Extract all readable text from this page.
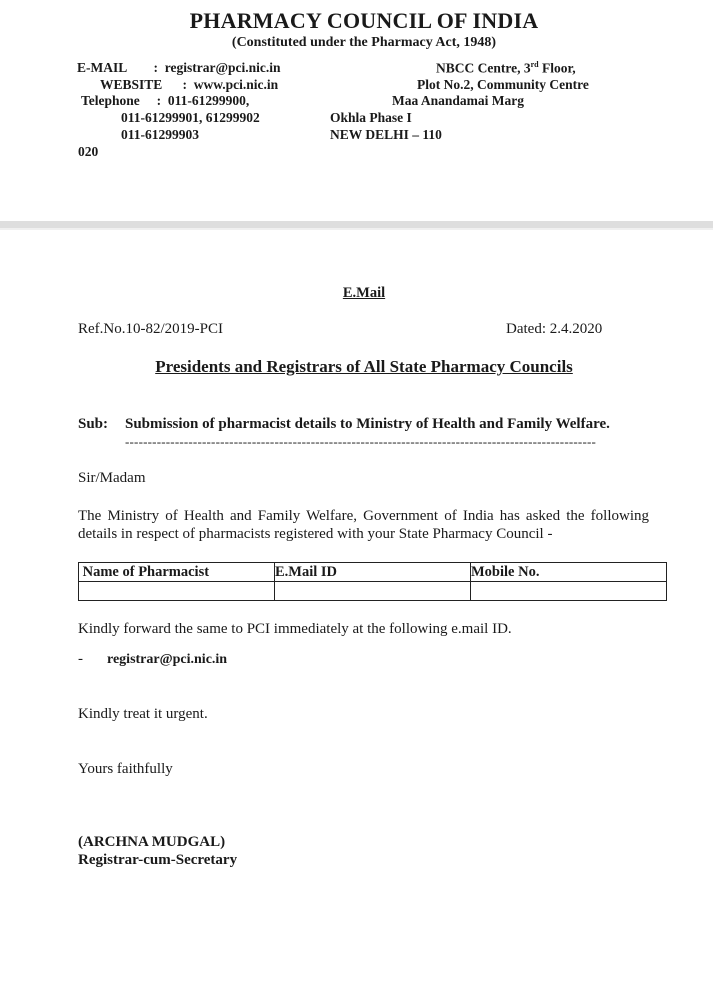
PHARMACY COUNCIL OF INDIA
(Constituted under the Pharmacy Act, 1948)
E-MAIL        :  registrar@pci.nic.in
WEBSITE      :  www.pci.nic.in
Telephone     :  011-61299900,
011-61299901, 61299902
011-61299903
NBCC Centre, 3rd Floor,
Plot No.2, Community Centre
Maa Anandamai Marg
Okhla Phase I
NEW DELHI – 110
020
E.Mail
Ref.No.10-82/2019-PCI	Dated: 2.4.2020
Presidents and Registrars of All State Pharmacy Councils
Sub: Submission of pharmacist details to Ministry of Health and Family Welfare.
--------------------------------------------------------------------------------------------------------
Sir/Madam
The Ministry of Health and Family Welfare, Government of India has asked the following details in respect of pharmacists registered with your State Pharmacy Council -
Name of Pharmacist	E.Mail ID	Mobile No.

Kindly forward the same to PCI immediately at the following e.mail ID.
- registrar@pci.nic.in
Kindly treat it urgent.
Yours faithfully
(ARCHNA MUDGAL)
Registrar-cum-Secretary
